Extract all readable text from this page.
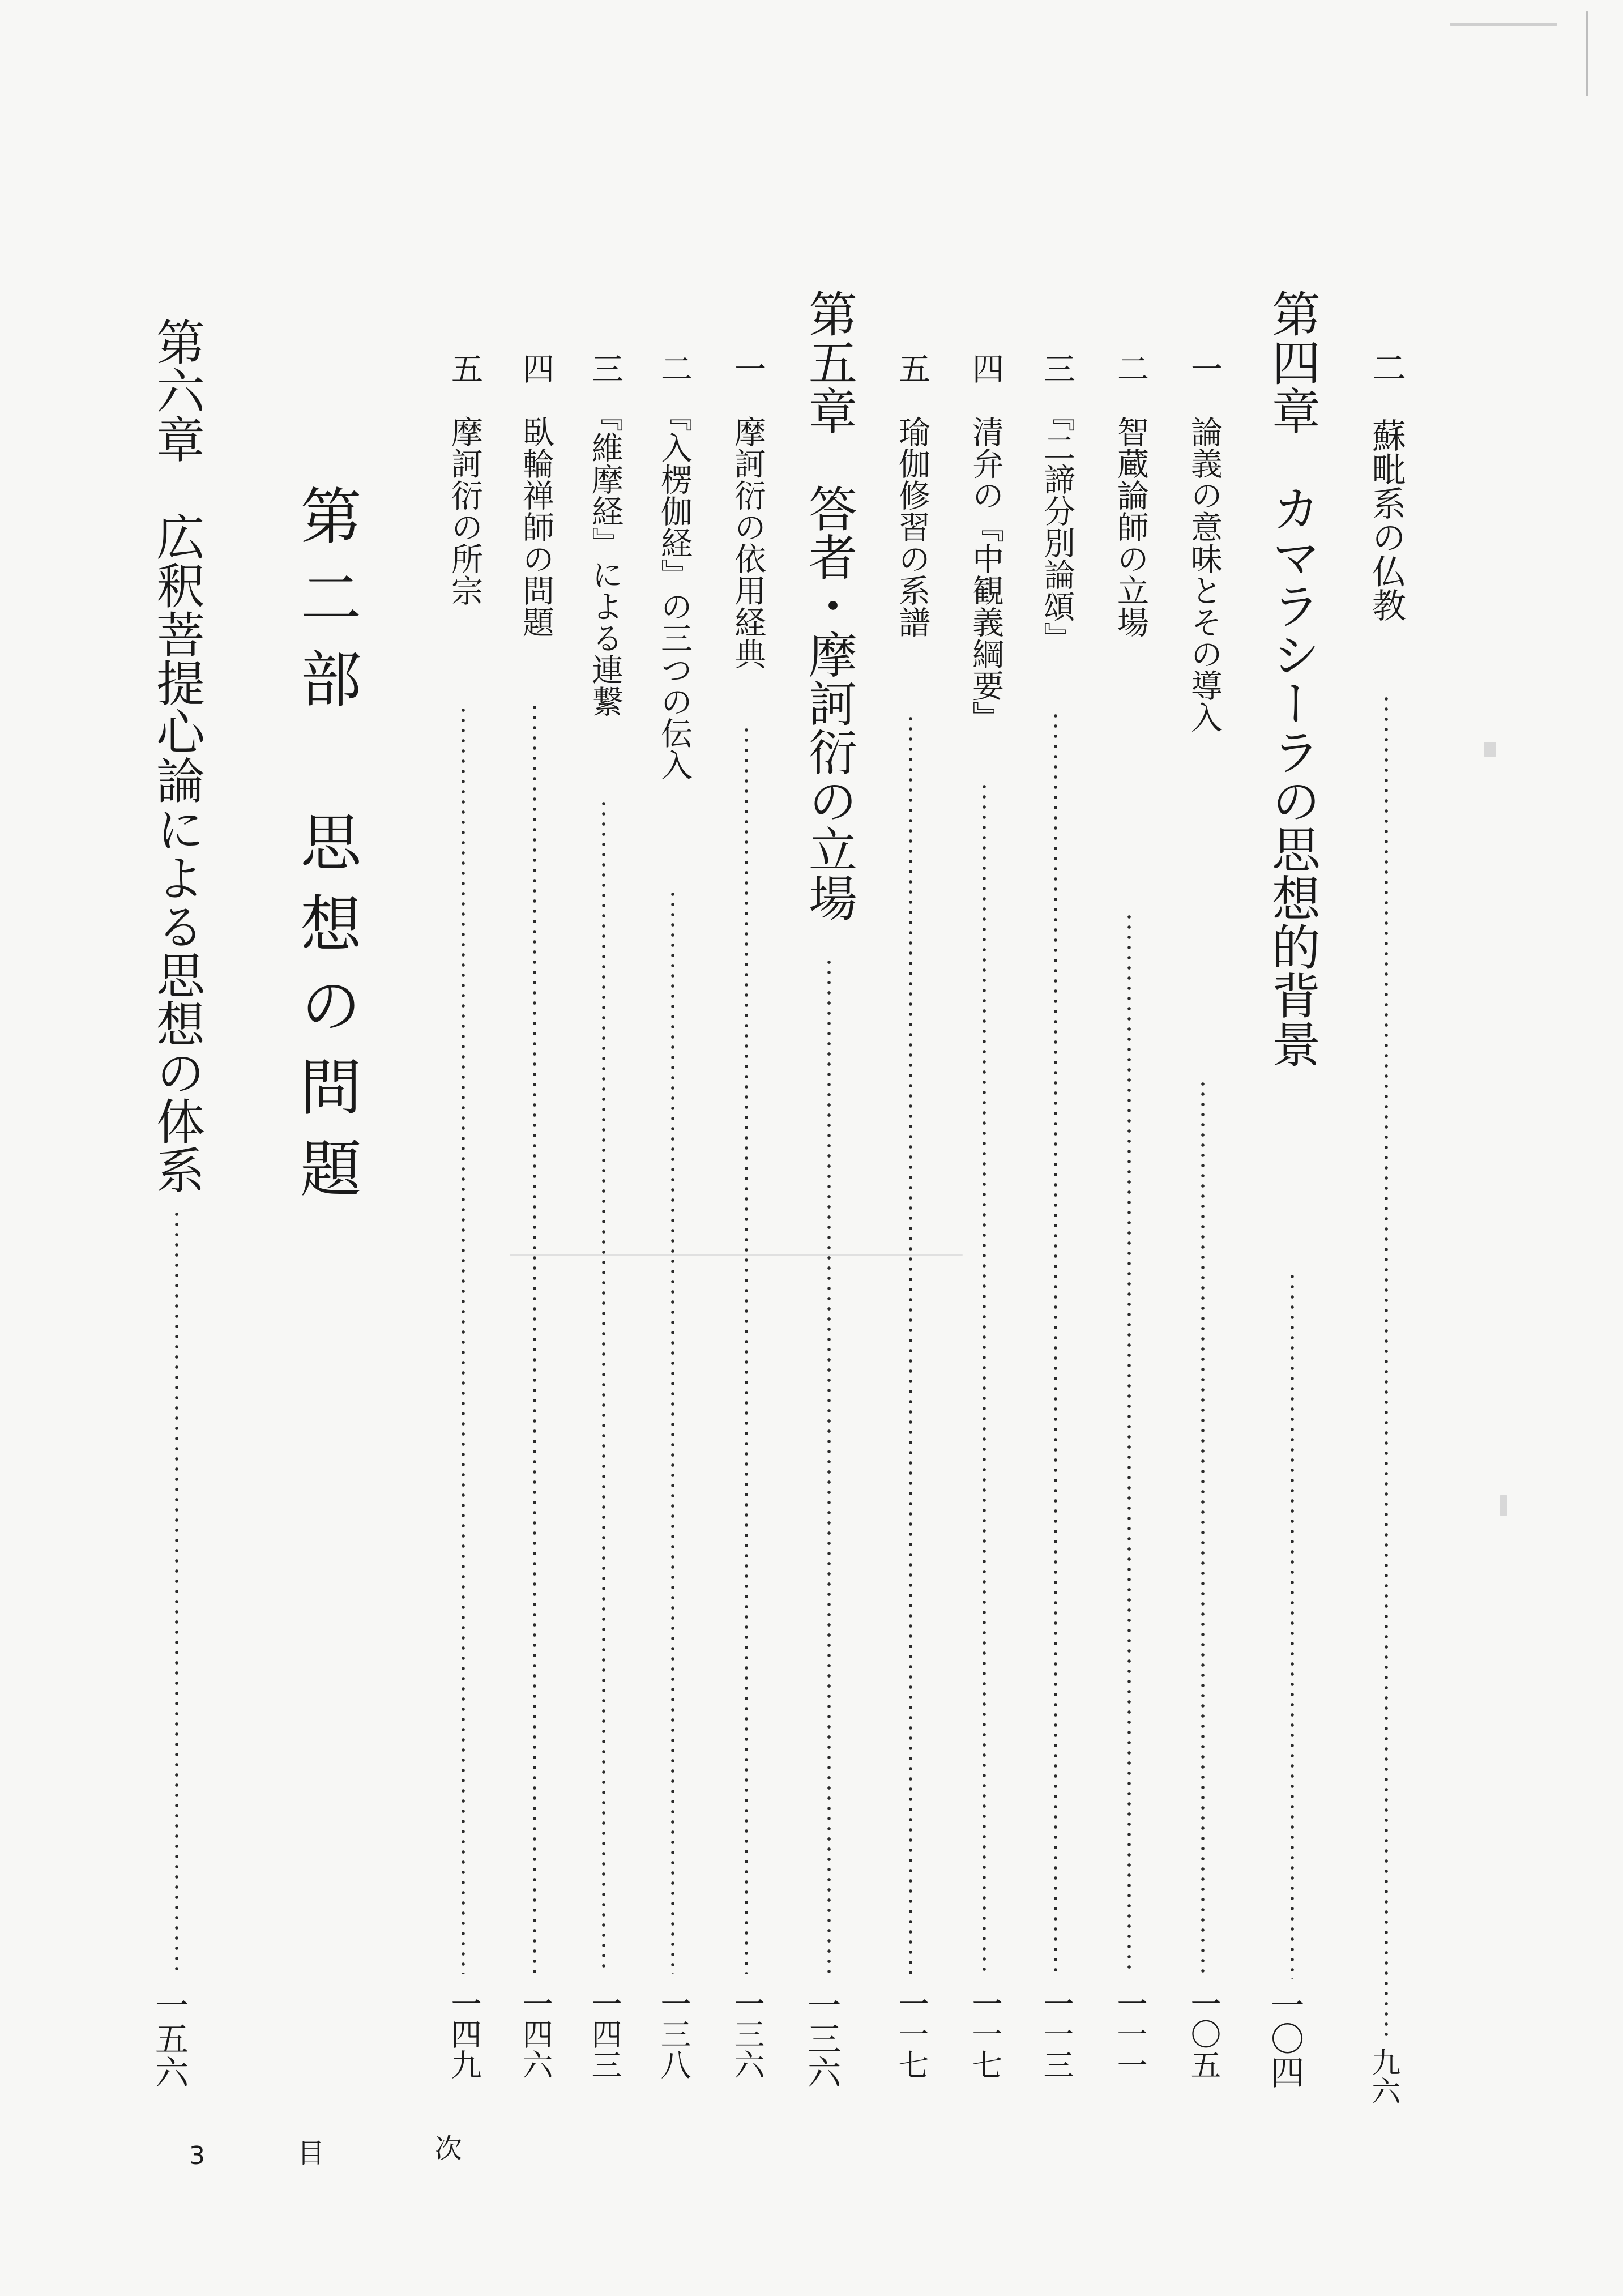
二　蘇毗系の仏教
九六
第四章　カマラシーラの思想的背景
一〇四
一　論義の意味とその導入
一〇五
二　智蔵論師の立場
一一一
三　『二諦分別論頌』
一一三
四　清弁の『中観義綱要』
一一七
五　瑜伽修習の系譜
一一七
第五章　答者・摩訶衍の立場
一三六
一　摩訶衍の依用経典
一三六
二　『入楞伽経』の三つの伝入
一三八
三　『維摩経』による連繋
一四三
四　臥輪禅師の問題
一四六
五　摩訶衍の所宗
一四九
第二部　思想の問題
第六章　広釈菩提心論による思想の体系
一五六
3	目	次
